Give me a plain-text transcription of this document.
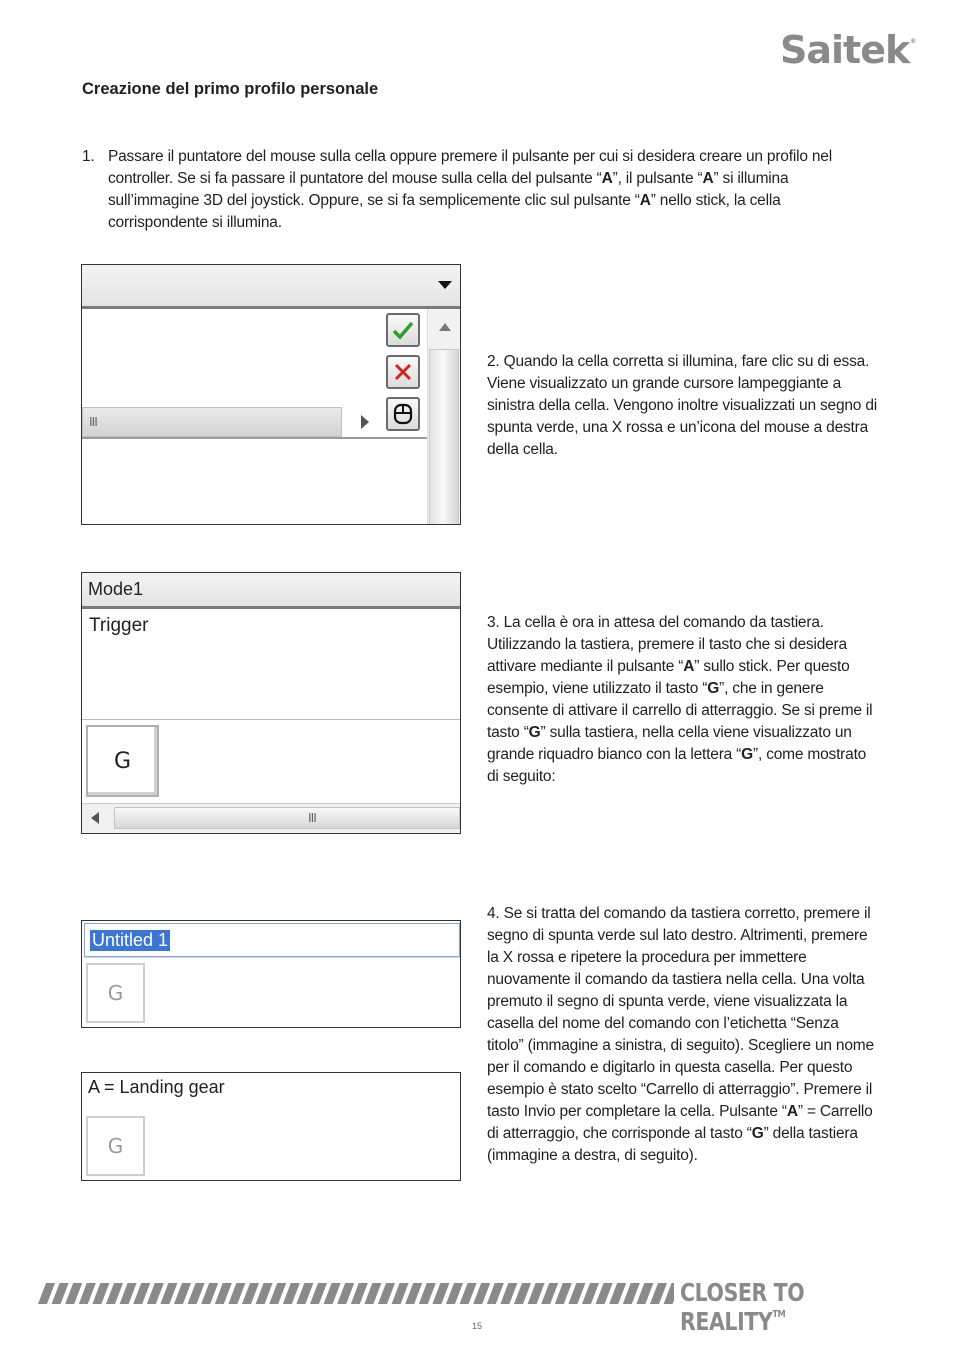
Saitek®
Creazione del primo profilo personale
1. Passare il puntatore del mouse sulla cella oppure premere il pulsante per cui si desidera creare un profilo nel controller. Se si fa passare il puntatore del mouse sulla cella del pulsante “A”, il pulsante “A” si illumina sull’immagine 3D del joystick. Oppure, se si fa semplicemente clic sul pulsante “A” nello stick, la cella corrispondente si illumina.
III
2. Quando la cella corretta si illumina, fare clic su di essa. Viene visualizzato un grande cursore lampeggiante a sinistra della cella. Vengono inoltre visualizzati un segno di spunta verde, una X rossa e un’icona del mouse a destra della cella.
Mode1
Trigger
G
III
3. La cella è ora in attesa del comando da tastiera. Utilizzando la tastiera, premere il tasto che si desidera attivare mediante il pulsante “A” sullo stick. Per questo esempio, viene utilizzato il tasto “G”, che in genere consente di attivare il carrello di atterraggio. Se si preme il tasto “G” sulla tastiera, nella cella viene visualizzato un grande riquadro bianco con la lettera “G”, come mostrato di seguito:
Untitled 1
G
A = Landing gear
G
4. Se si tratta del comando da tastiera corretto, premere il segno di spunta verde sul lato destro. Altrimenti, premere la X rossa e ripetere la procedura per immettere nuovamente il comando da tastiera nella cella. Una volta premuto il segno di spunta verde, viene visualizzata la casella del nome del comando con l’etichetta “Senza titolo” (immagine a sinistra, di seguito). Scegliere un nome per il comando e digitarlo in questa casella. Per questo esempio è stato scelto “Carrello di atterraggio”. Premere il tasto Invio per completare la cella. Pulsante “A” = Carrello di atterraggio, che corrisponde al tasto “G” della tastiera (immagine a destra, di seguito).
CLOSER TO REALITY™
15
